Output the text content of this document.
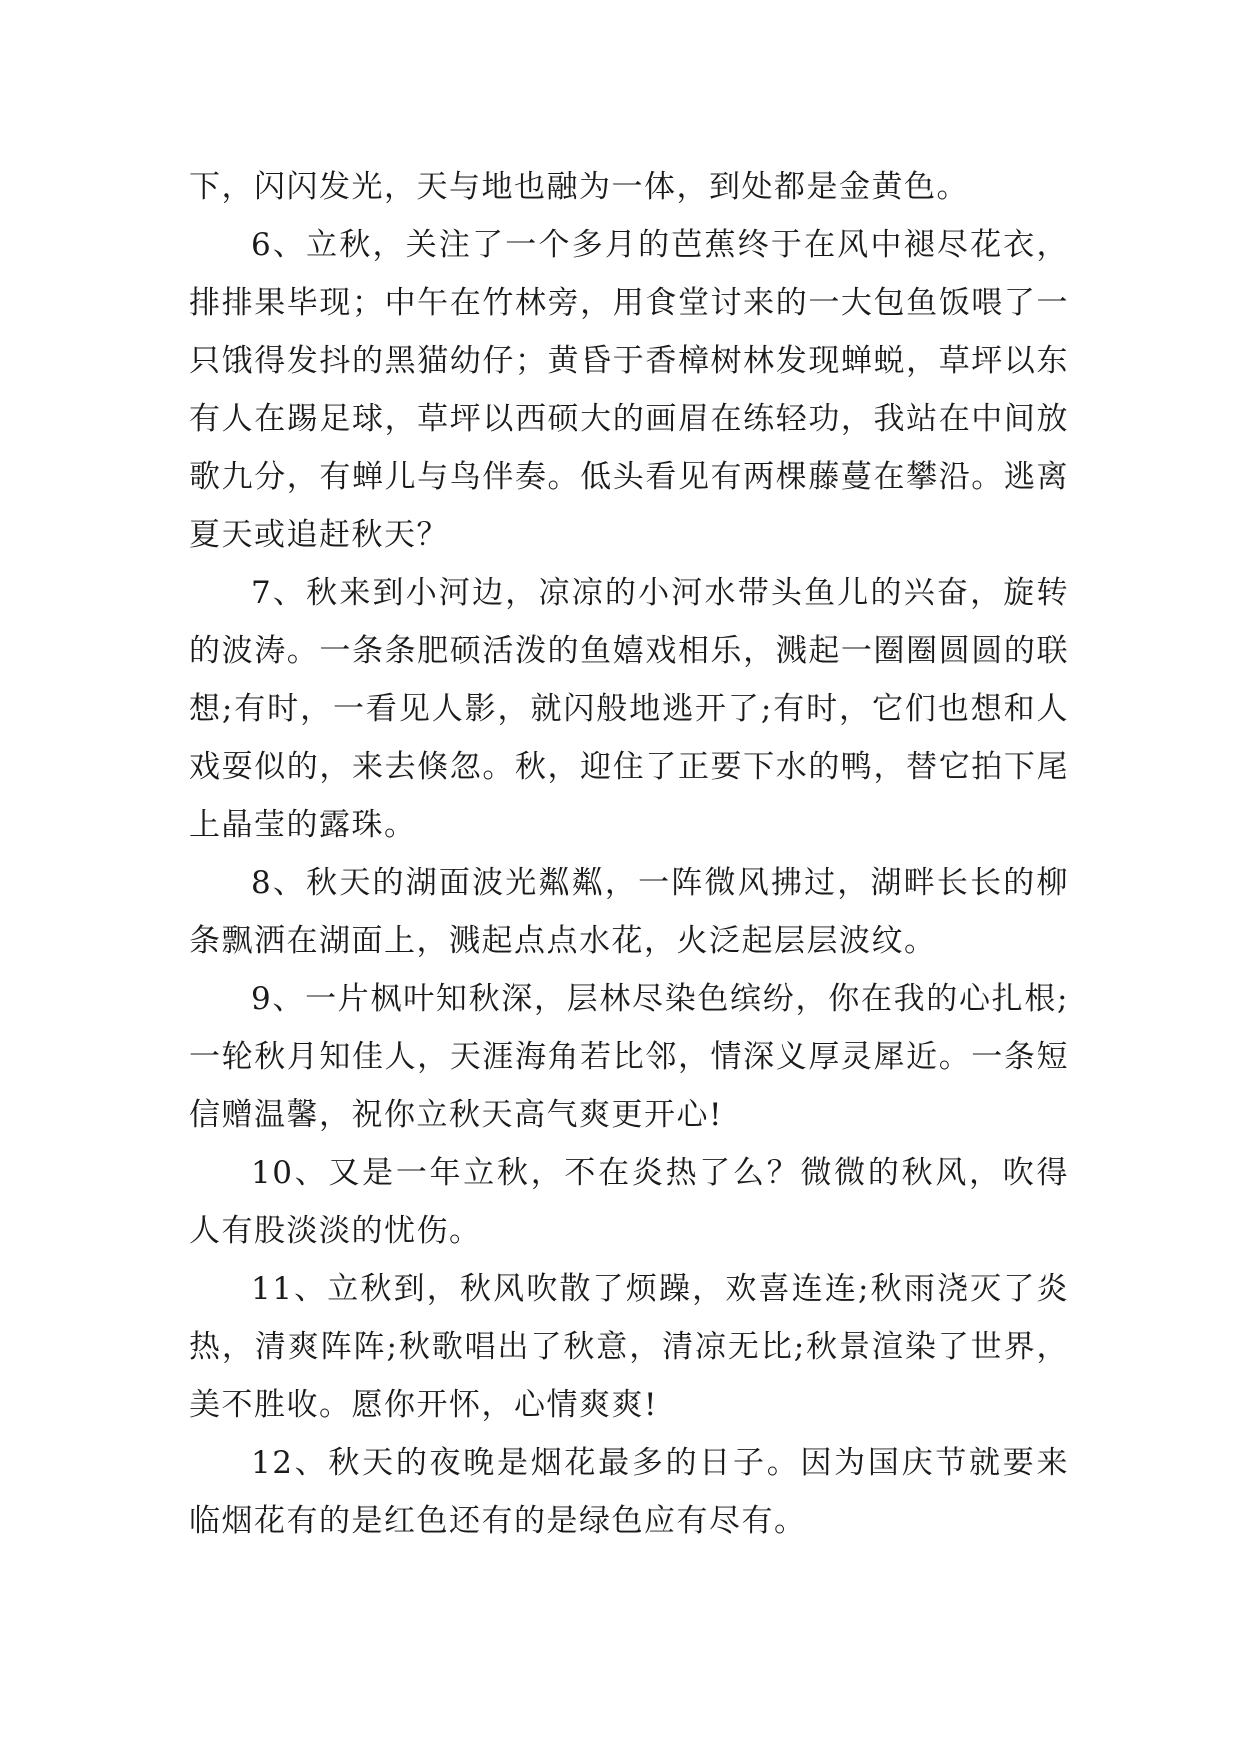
下，闪闪发光，天与地也融为一体，到处都是金黄色。

6、立秋，关注了一个多月的芭蕉终于在风中褪尽花衣，排排果毕现；中午在竹林旁，用食堂讨来的一大包鱼饭喂了一只饿得发抖的黑猫幼仔；黄昏于香樟树林发现蝉蜕，草坪以东有人在踢足球，草坪以西硕大的画眉在练轻功，我站在中间放歌九分，有蝉儿与鸟伴奏。低头看见有两棵藤蔓在攀沿。逃离夏天或追赶秋天？

7、秋来到小河边，凉凉的小河水带头鱼儿的兴奋，旋转的波涛。一条条肥硕活泼的鱼嬉戏相乐，溅起一圈圈圆圆的联想;有时，一看见人影，就闪般地逃开了;有时，它们也想和人戏耍似的，来去倏忽。秋，迎住了正要下水的鸭，替它拍下尾上晶莹的露珠。

8、秋天的湖面波光粼粼，一阵微风拂过，湖畔长长的柳条飘洒在湖面上，溅起点点水花，火泛起层层波纹。

9、一片枫叶知秋深，层林尽染色缤纷，你在我的心扎根;一轮秋月知佳人，天涯海角若比邻，情深义厚灵犀近。一条短信赠温馨，祝你立秋天高气爽更开心!

10、又是一年立秋，不在炎热了么？微微的秋风，吹得人有股淡淡的忧伤。

11、立秋到，秋风吹散了烦躁，欢喜连连;秋雨浇灭了炎热，清爽阵阵;秋歌唱出了秋意，清凉无比;秋景渲染了世界，美不胜收。愿你开怀，心情爽爽!

12、秋天的夜晚是烟花最多的日子。因为国庆节就要来临烟花有的是红色还有的是绿色应有尽有。
